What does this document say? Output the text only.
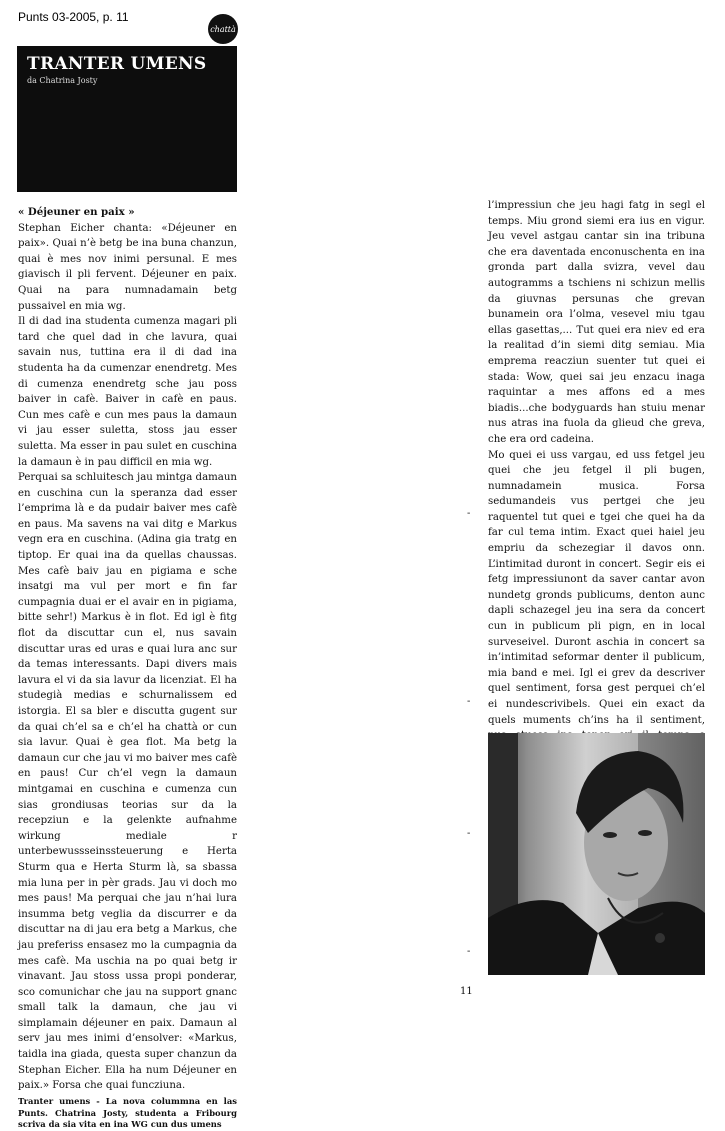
Punts 03-2005, p. 11
chattà
TRANTER UMENS
da Chatrina Josty

« Déjeuner en paix »

Stephan Eicher chanta: «Déjeuner en paix». Quai n’è betg be ina buna chanzun, quai è mes nov inimi persunal. E mes giavisch il pli fervent. Déjeuner en paix. Quai na para numnadamain betg pussaivel en mia wg.

Il di dad ina studenta cumenza magari pli tard che quel dad in che lavura, quai savain nus, tuttina era il di dad ina studenta ha da cumenzar enendretg. Mes di cumenza enendretg sche jau poss baiver in cafè. Baiver in cafè en paus. Cun mes cafè e cun mes paus la damaun vi jau esser suletta, stoss jau esser suletta. Ma esser in pau sulet en cuschina la damaun è in pau difficil en mia wg.

Perquai sa schluitesch jau mintga damaun en cuschina cun la speranza dad esser l’emprima là e da pudair baiver mes cafè en paus. Ma savens na vai ditg e Markus vegn era en cuschina. (Adina gia tratg en tiptop. Er quai ina da quellas chaussas. Mes cafè baiv jau en pigiama e sche insatgi ma vul per mort e fin far cumpagnia duai er el avair en in pigiama, bitte sehr!) Markus è in flot. Ed igl è fitg flot da discuttar cun el, nus savain discuttar uras ed uras e quai lura anc sur da temas interessants. Dapi divers mais lavura el vi da sia lavur da licenziat. El ha studegià medias e schurnalissem ed istorgia. El sa bler e discutta gugent sur da quai ch’el sa e ch’el ha chattà or cun sia lavur. Quai è gea flot. Ma betg la damaun cur che jau vi mo baiver mes cafè en paus! Cur ch’el vegn la damaun mintgamai en cuschina e cumenza cun sias grondiusas teorias sur da la recepziun e la gelenkte aufnahme wirkung mediale r unterbewussseinssteuerung e Herta Sturm qua e Herta Sturm là, sa sbassa mia luna per in pèr grads. Jau vi doch mo mes paus! Ma perquai che jau n’hai lura insumma betg veglia da discurrer e da discuttar na di jau era betg a Markus, che jau preferiss ensasez mo la cumpagnia da mes cafè. Ma uschia na po quai betg ir vinavant. Jau stoss ussa propi ponderar, sco comunichar che jau na support gnanc small talk la damaun, che jau vi simplamain déjeuner en paix. Damaun al serv jau mes inimi d’ensolver: «Markus, taidla ina giada, questa super chanzun da Stephan Eicher. Ella ha num Déjeuner en paix.» Forsa che quai funcziuna.

Tranter umens - La nova colummna en las Punts. Chatrina Josty, studenta a Fribourg scriva da sia vita en ina WG cun dus umens

l’impressiun che jeu hagi fatg in segl el temps. Miu grond siemi era ius en vigur. Jeu vevel astgau cantar sin ina tribuna che era daventada enconuschenta en ina gronda part dalla svizra, vevel dau autogramms a tschiens ni schizun mellis da giuvnas persunas che grevan bunamein ora l’olma, vesevel miu tgau ellas gasettas,... Tut quei era niev ed era la realitad d’in siemi ditg semiau. Mia empremа reacziun suenter tut quei ei stada: Wow, quei sai jeu enzacu inaga raquintar a mes affons ed a mes biadis...che bodyguards han stuiu menar nus atras ina fuola da glieud che greva, che era ord cadeina.

Mo quei ei uss vargau, ed uss fetgel jeu quei che jeu fetgel il pli bugen, numnadamein musica. Forsa sedumandeis vus pertgei che jeu raquentel tut quei e tgei che quei ha da far cul tema intim. Exact quei haiel jeu empriu da schezegiar il davos onn. L’intimitad duront in concert. Segir eis ei fetg impressiunont da saver cantar avon nundetg gronds publicums, denton aunc dapli schazegel jeu ina sera da concert cun in publicum pli pign, en in local surveseivel. Duront aschia in concert sa in’intimitad seformar denter il publicum, mia band e mei. Igl ei grev da descriver quel sentiment, forsa gest perquei ch’el ei nundescrivibels. Quei ein exact da quels muments ch’ins ha il sentiment,

-
-
-
-
11
